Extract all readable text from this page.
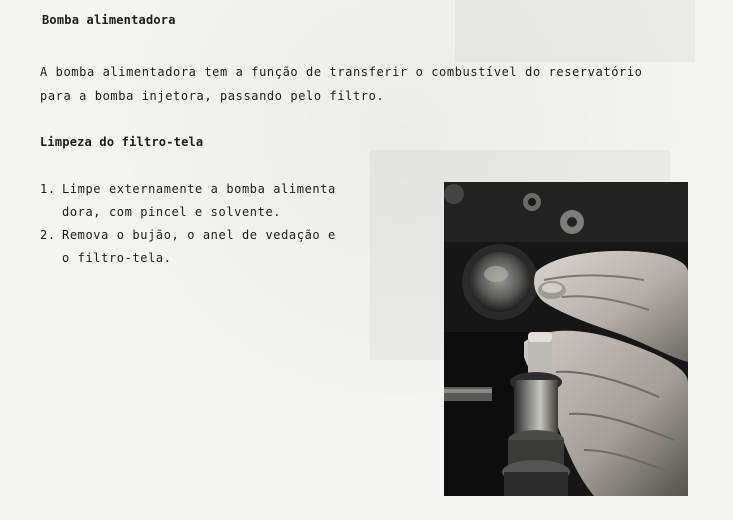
Bomba alimentadora
A bomba alimentadora tem a função de transferir o combustível do reservatório
para a bomba injetora, passando pelo filtro.
Limpeza do filtro-tela
1. Limpe externamente a bomba alimenta
dora, com pincel e solvente.
2. Remova o bujão, o anel de vedação e
o filtro-tela.
